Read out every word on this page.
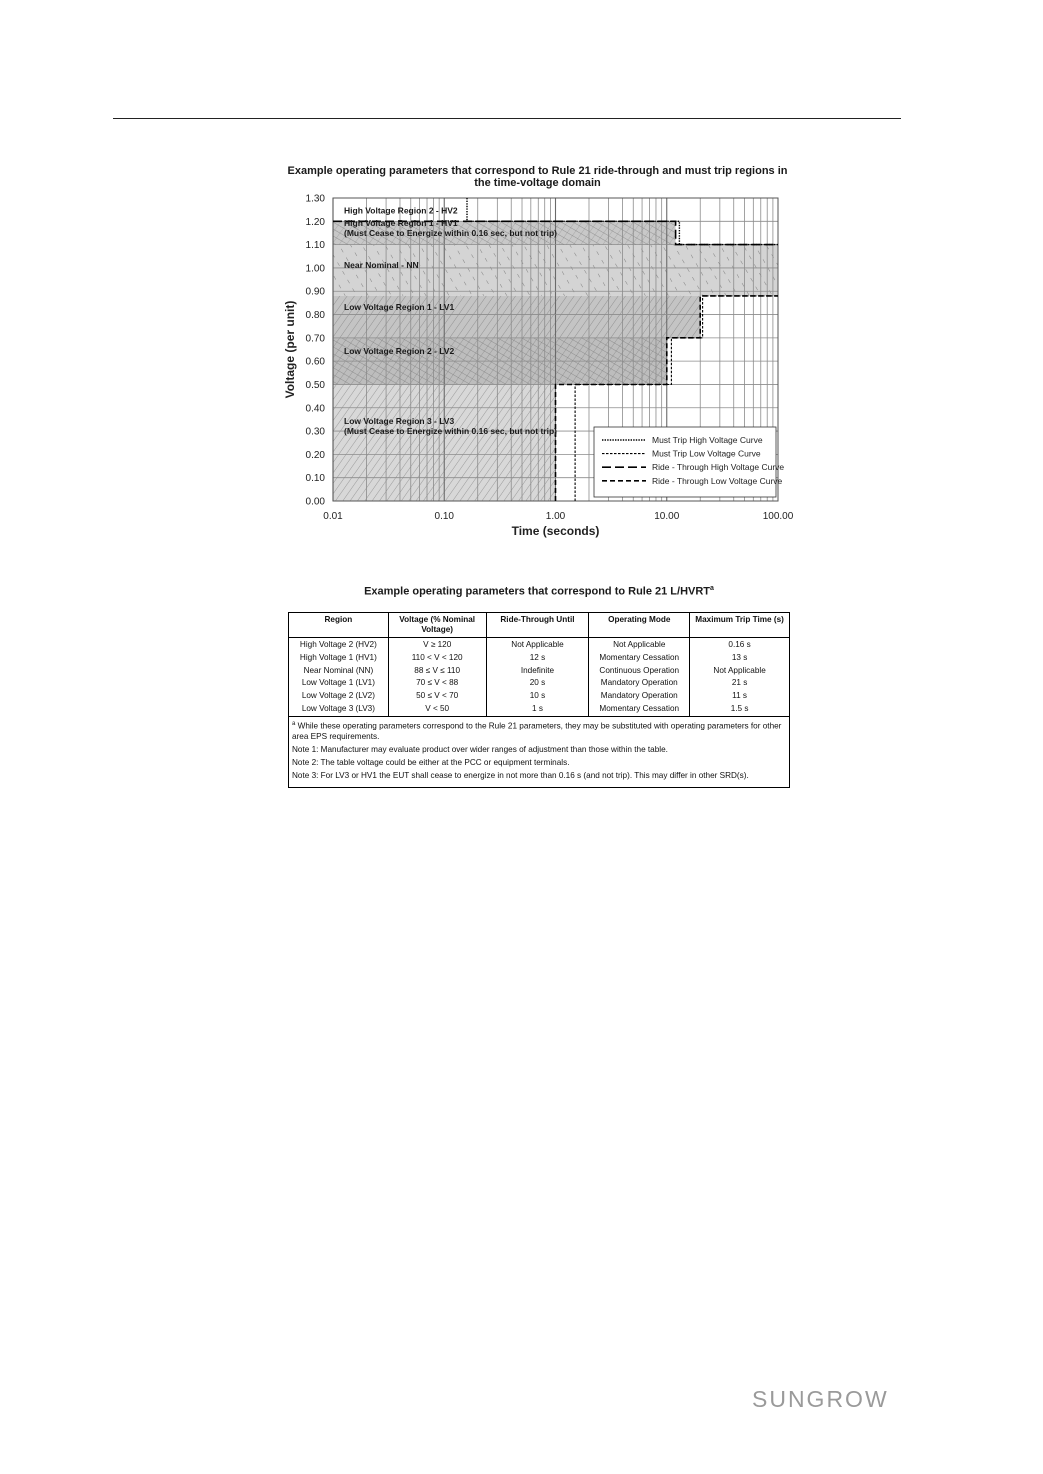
Example operating parameters that correspond to Rule 21 ride-through and must trip regions in
the time-voltage domain
0.00
0.10
0.20
0.30
0.40
0.50
0.60
0.70
0.80
0.90
1.00
1.10
1.20
1.30
0.01	0.10	1.00	10.00	100.00
Time (seconds)
Voltage (per unit)
High Voltage Region 2 - HV2
High Voltage Region 1 - HV1
(Must Cease to Energize within 0.16 sec, but not trip)
Near Nominal - NN
Low Voltage Region 1 - LV1
Low Voltage Region 2 - LV2
Low Voltage Region 3 - LV3
(Must Cease to Energize within 0.16 sec, but not trip)
Must Trip High Voltage Curve
Must Trip Low Voltage Curve
Ride - Through High Voltage Curve
Ride - Through Low Voltage Curve
Example operating parameters that correspond to Rule 21 L/HVRT$^a$
Region	Voltage (% Nominal Voltage)	Ride-Through Until	Operating Mode	Maximum Trip Time (s)
High Voltage 2 (HV2)	V ≥ 120	Not Applicable	Not Applicable	0.16 s
High Voltage 1 (HV1)	110 < V < 120	12 s	Momentary Cessation	13 s
Near Nominal (NN)	88 ≤ V ≤ 110	Indefinite	Continuous Operation	Not Applicable
Low Voltage 1 (LV1)	70 ≤ V < 88	20 s	Mandatory Operation	21 s
Low Voltage 2 (LV2)	50 ≤ V < 70	10 s	Mandatory Operation	11 s
Low Voltage 3 (LV3)	V < 50	1 s	Momentary Cessation	1.5 s

$^a$ While these operating parameters correspond to the Rule 21 parameters, they may be substituted with operating parameters for other area EPS requirements.
Note 1: Manufacturer may evaluate product over wider ranges of adjustment than those within the table.
Note 2: The table voltage could be either at the PCC or equipment terminals.
Note 3: For LV3 or HV1 the EUT shall cease to energize in not more than 0.16 s (and not trip). This may differ in other SRD(s).				
SUNGROW
